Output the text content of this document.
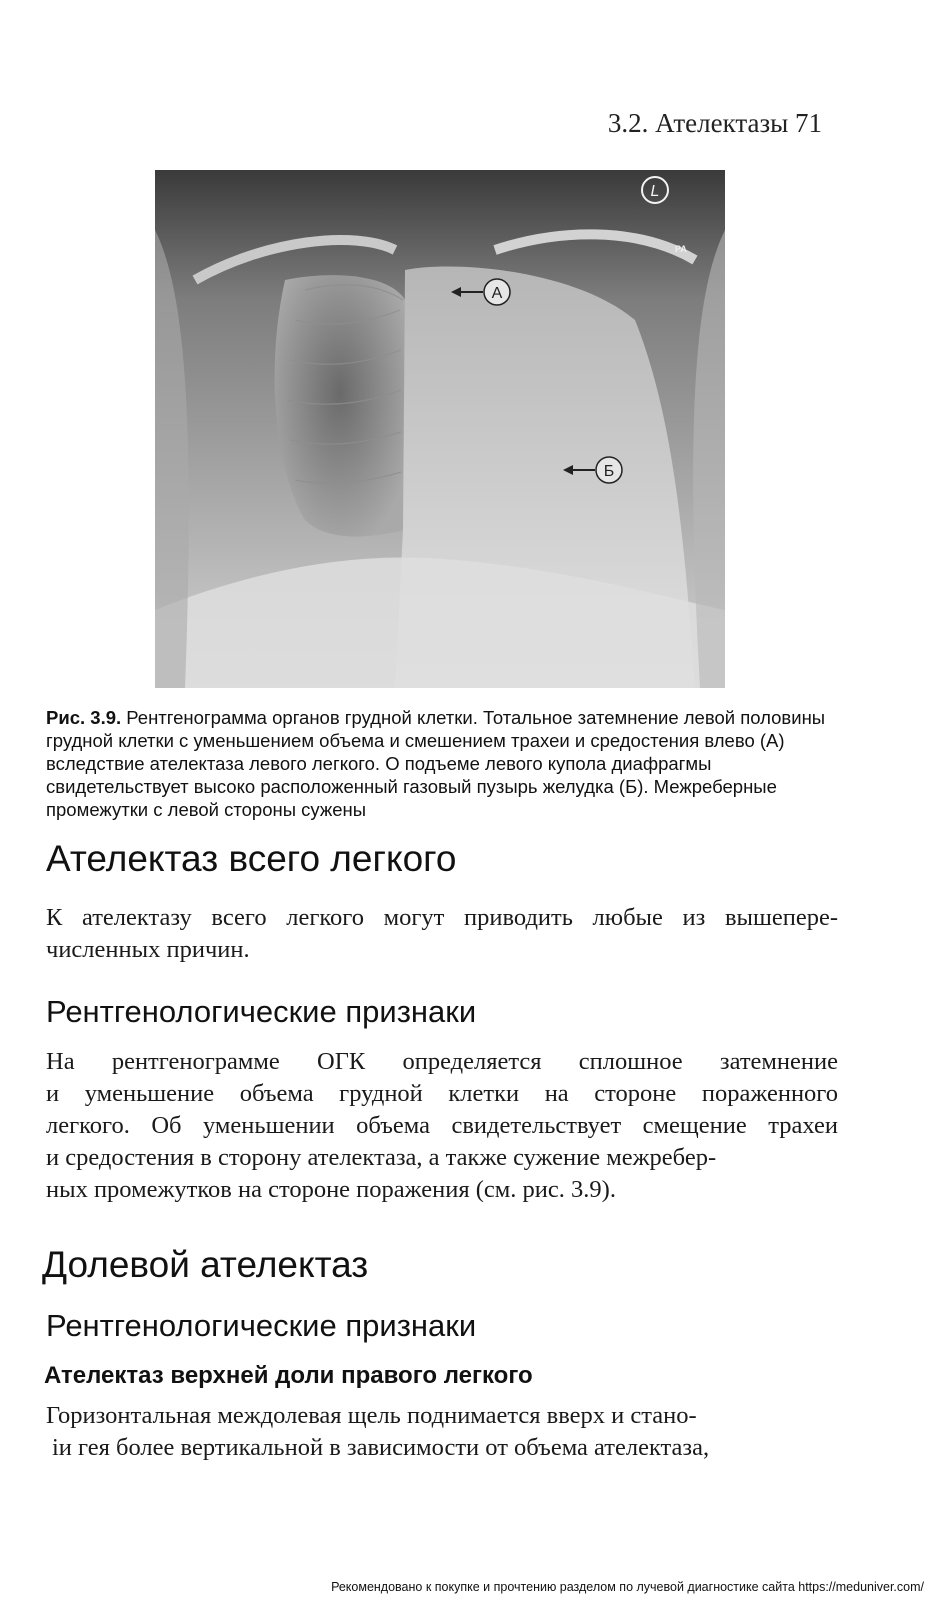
3.2. Ателектазы 71
L
PA
A
Б
Рис. 3.9. Рентгенограмма органов грудной клетки. Тотальное затемнение левой половины грудной клетки с уменьшением объема и смешением трахеи и средостения влево (А) вследствие ателектаза левого легкого. О подъеме левого купола диафрагмы свидетельствует высоко расположенный газовый пузырь желудка (Б). Межреберные промежутки с левой стороны сужены
Ателектаз всего легкого
К ателектазу всего легкого могут приводить любые из вышепере-
численных причин.
Рентгенологические признаки
На рентгенограмме ОГК определяется сплошное затемнение
и уменьшение объема грудной клетки на стороне пораженного
легкого. Об уменьшении объема свидетельствует смещение трахеи
и средостения в сторону ателектаза, а также сужение межребер-
ных промежутков на стороне поражения (см. рис. 3.9).
Долевой ателектаз
Рентгенологические признаки
Ателектаз верхней доли правого легкого
Горизонтальная междолевая щель поднимается вверх и стано-
іи гея более вертикальной в зависимости от объема ателектаза,
Рекомендовано к покупке и прочтению разделом по лучевой диагностике сайта https://meduniver.com/
